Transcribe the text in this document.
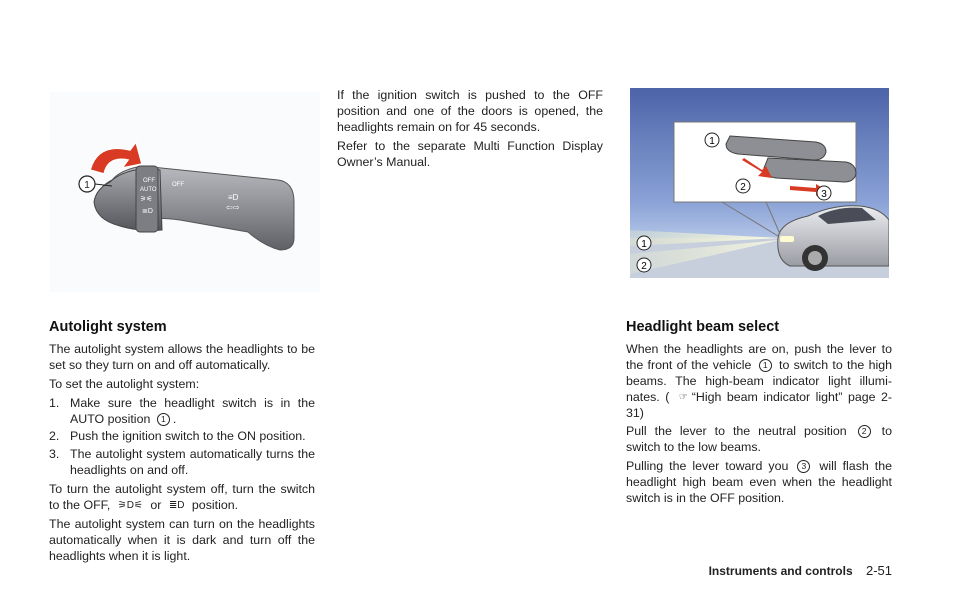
OFF
AUTO
OFF
⚞⚟
≣D
≡D
⇦⇨
1
Autolight system

The autolight system allows the headlights to be set so they turn on and off automatically.

To set the autolight system:

1. Make sure the headlight switch is in the AUTO position 1 .
2. Push the ignition switch to the ON position.
3. The autolight system automatically turns the headlights on and off.

To turn the autolight system off, turn the switch to the OFF, ⚞D⚟ or ≣D position.

The autolight system can turn on the headlights automatically when it is dark and turn off the headlights when it is light.

If the ignition switch is pushed to the OFF position and one of the doors is opened, the headlights remain on for 45 seconds.

Refer to the separate Multi Function Display Owner’s Manual.

1
2
3
1
2
Headlight beam select

When the headlights are on, push the lever to the front of the vehicle 1 to switch to the high beams. The high-beam indicator light illumi-nates. ( ☞ “High beam indicator light” page 2-31)

Pull the lever to the neutral position 2 to switch to the low beams.

Pulling the lever toward you 3 will flash the headlight high beam even when the headlight switch is in the OFF position.

Instruments and controls 2-51
